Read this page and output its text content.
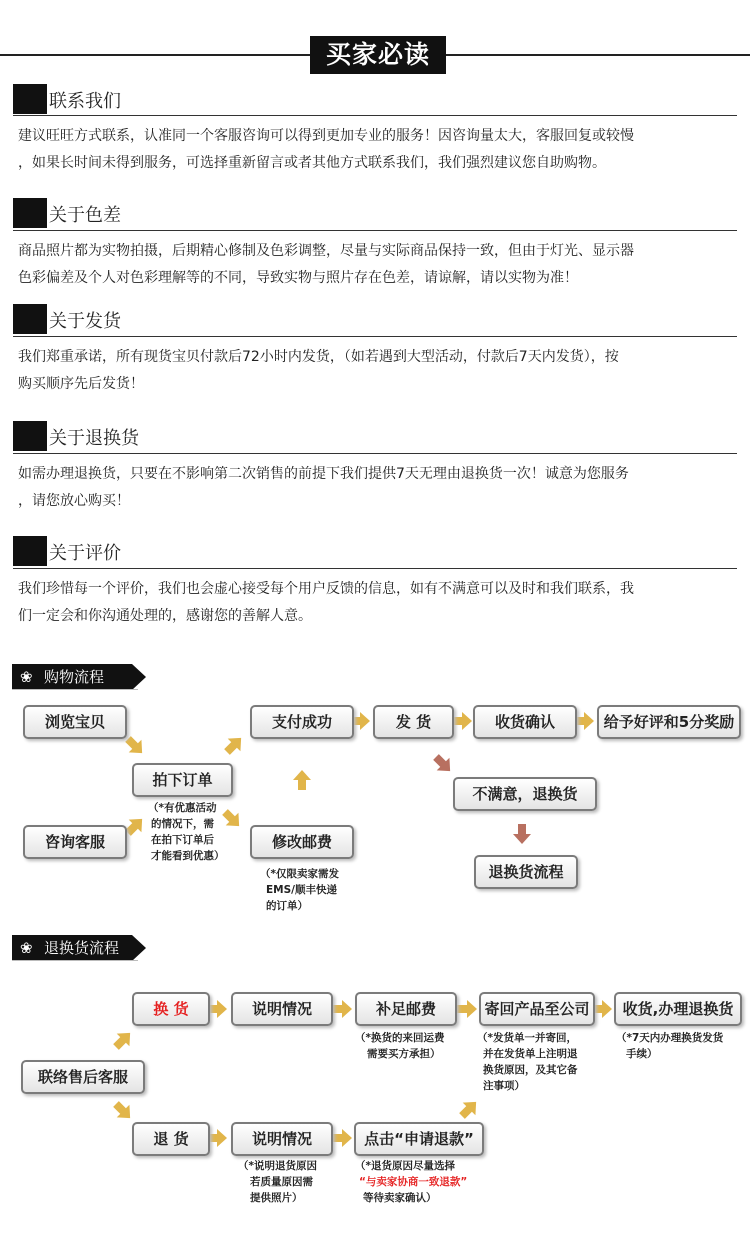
买家必读
联系我们
建议旺旺方式联系，认准同一个客服咨询可以得到更加专业的服务！因咨询量太大，客服回复或较慢
，如果长时间未得到服务，可选择重新留言或者其他方式联系我们，我们强烈建议您自助购物。
关于色差
商品照片都为实物拍摄，后期精心修制及色彩调整，尽量与实际商品保持一致，但由于灯光、显示器
色彩偏差及个人对色彩理解等的不同，导致实物与照片存在色差，请谅解，请以实物为准！
关于发货
我们郑重承诺，所有现货宝贝付款后72小时内发货，（如若遇到大型活动，付款后7天内发货），按
购买顺序先后发货！
关于退换货
如需办理退换货，只要在不影响第二次销售的前提下我们提供7天无理由退换货一次！诚意为您服务
，请您放心购买！
关于评价
我们珍惜每一个评价，我们也会虚心接受每个用户反馈的信息，如有不满意可以及时和我们联系，我
们一定会和你沟通处理的，感谢您的善解人意。
❀ 购物流程
浏览宝贝	支付成功	发 货	收货确认	给予好评和5分奖励
拍下订单
不满意，退换货
咨询客服	修改邮费
退换货流程
（*有优惠活动
的情况下，需
在拍下订单后
才能看到优惠）
（*仅限卖家需发
EMS/顺丰快递
的订单）
❀ 退换货流程
换 货	说明情况	补足邮费	寄回产品至公司	收货,办理退换货
联络售后客服
退 货	说明情况	点击“申请退款”
（*换货的来回运费
需要买方承担）
（*发货单一并寄回，
并在发货单上注明退
换货原因，及其它备
注事项）
（*7天内办理换货发货
手续）
（*说明退货原因
若质量原因需
提供照片）
（*退货原因尽量选择
“与卖家协商一致退款”
等待卖家确认）
